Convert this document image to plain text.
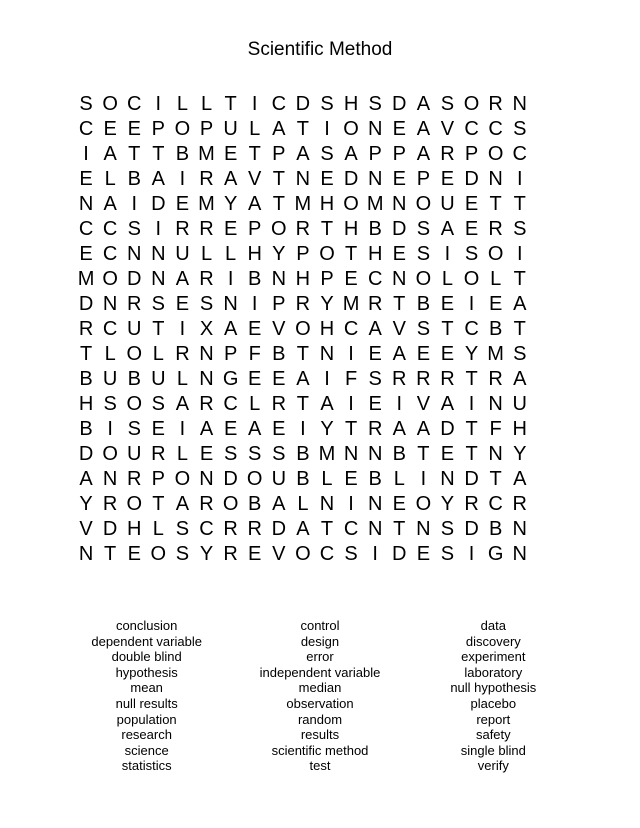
Scientific Method
S O C I L L T I C D S H S D A S O R N
C E E P O P U L A T I O N E A V C C S
I A T T B M E T P A S A P P A R P O C
E L B A I R A V T N E D N E P E D N I
N A I D E M Y A T M H O M N O U E T T
C C S I R R E P O R T H B D S A E R S
E C N N U L L H Y P O T H E S I S O I
M O D N A R I B N H P E C N O L O L T
D N R S E S N I P R Y M R T B E I E A
R C U T I X A E V O H C A V S T C B T
T L O L R N P F B T N I E A E E Y M S
B U B U L N G E E A I F S R R R T R A
H S O S A R C L R T A I E I V A I N U
B I S E I A E A E I Y T R A A D T F H
D O U R L E S S S B M N N B T E T N Y
A N R P O N D O U B L E B L I N D T A
Y R O T A R O B A L N I N E O Y R C R
V D H L S C R R D A T C N T N S D B N
N T E O S Y R E V O C S I D E S I G N
conclusion
dependent variable
double blind
hypothesis
mean
null results
population
research
science
statistics
control
design
error
independent variable
median
observation
random
results
scientific method
test
data
discovery
experiment
laboratory
null hypothesis
placebo
report
safety
single blind
verify
